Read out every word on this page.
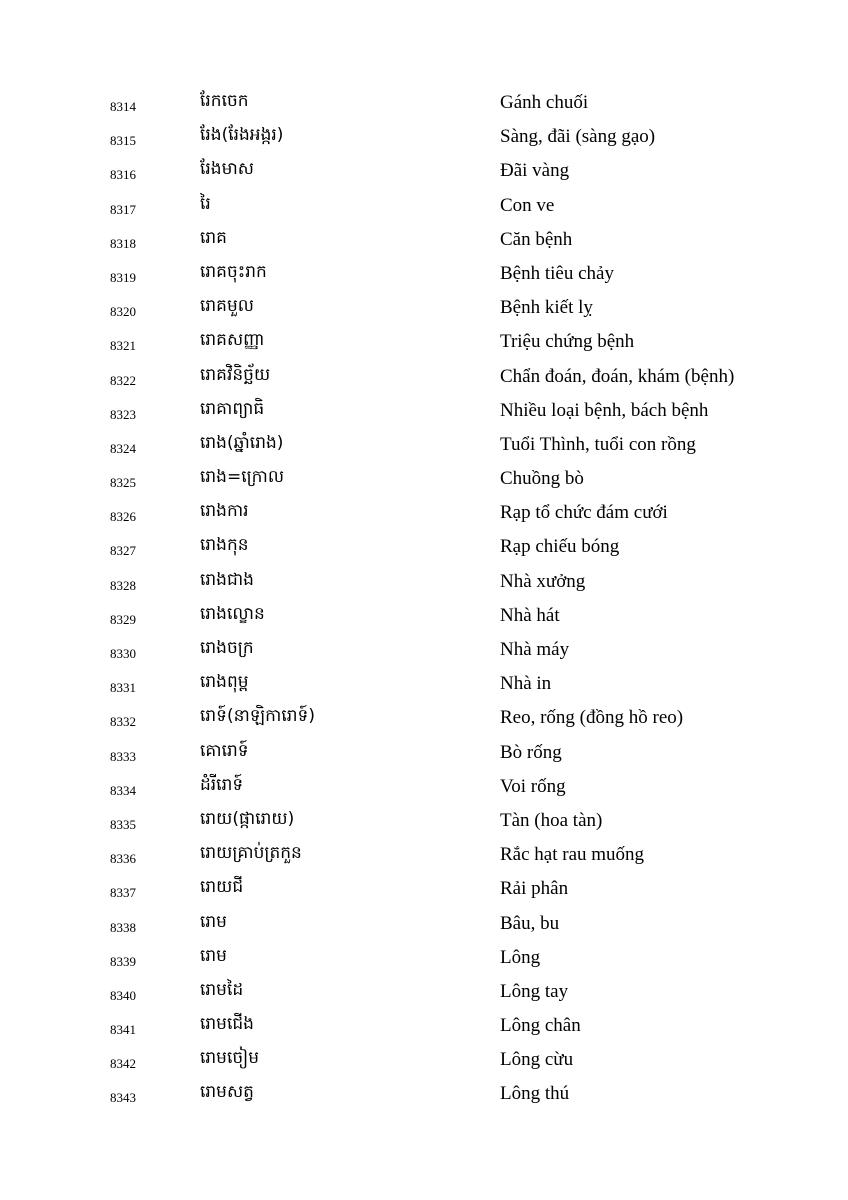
8314	រែកចេក	Gánh chuối
8315	រែង(រែងអង្ករ)	Sàng, đãi (sàng gạo)
8316	រែងមាស	Đãi vàng
8317	រៃ	Con ve
8318	រោគ	Căn bệnh
8319	រោគចុះរាក	Bệnh tiêu chảy
8320	រោគមួល	Bệnh kiết lỵ
8321	រោគសញ្ញា	Triệu chứng bệnh
8322	រោគវិនិច្ឆ័យ	Chẩn đoán, đoán, khám (bệnh)
8323	រោគាព្យាធិ	Nhiều loại bệnh, bách bệnh
8324	រោង(ឆ្នាំរោង)	Tuổi Thình, tuổi con rồng
8325	រោង=ក្រោល	Chuồng bò
8326	រោងការ	Rạp tổ chức đám cưới
8327	រោងកុន	Rạp chiếu bóng
8328	រោងជាង	Nhà xưởng
8329	រោងល្ខោន	Nhà hát
8330	រោងចក្រ	Nhà máy
8331	រោងពុម្ព	Nhà in
8332	រោទ៍(នាឡិការោទ៍)	Reo, rống (đồng hồ reo)
8333	គោរោទ៍	Bò rống
8334	ដំរីរោទ៍	Voi rống
8335	រោយ(ផ្ការោយ)	Tàn (hoa tàn)
8336	រោយគ្រាប់ត្រកួន	Rắc hạt rau muống
8337	រោយជី	Rải phân
8338	រោម	Bâu, bu
8339	រោម	Lông
8340	រោមដៃ	Lông tay
8341	រោមជើង	Lông chân
8342	រោមចៀម	Lông cừu
8343	រោមសត្វ	Lông thú
